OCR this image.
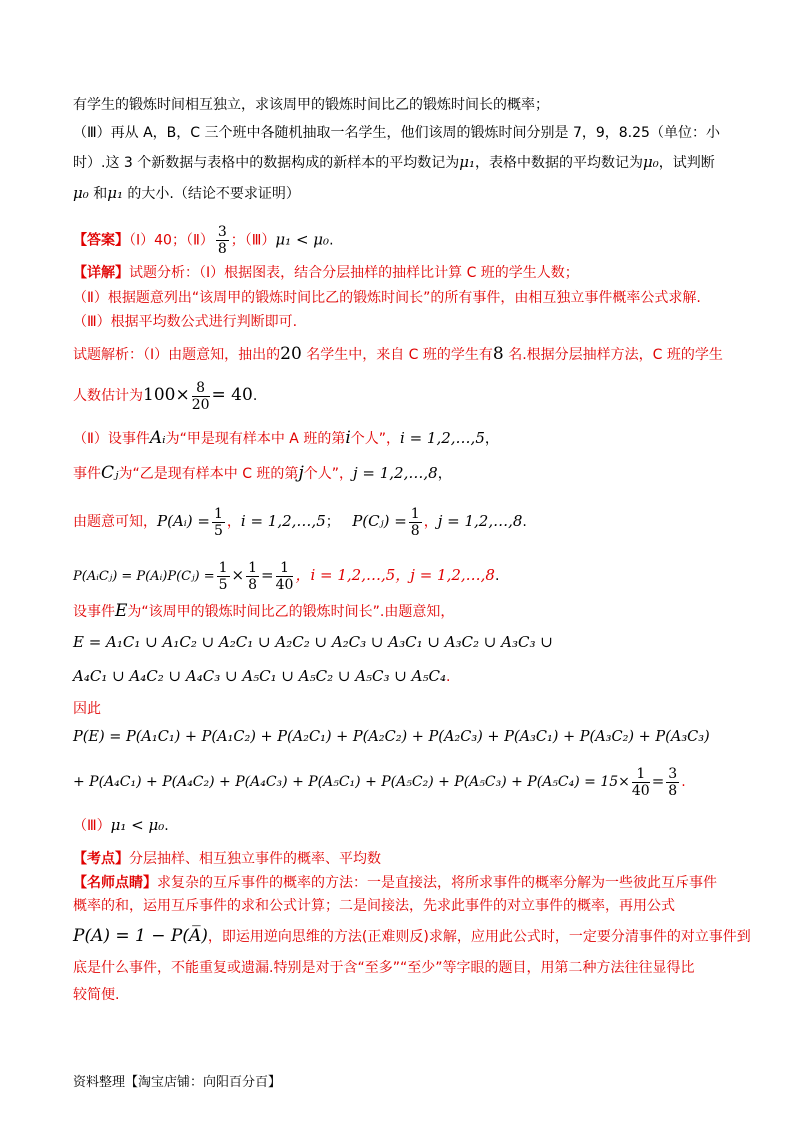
有学生的锻炼时间相互独立，求该周甲的锻炼时间比乙的锻炼时间长的概率；
（Ⅲ）再从 A，B，C 三个班中各随机抽取一名学生，他们该周的锻炼时间分别是 7，9，8.25（单位：小
时）.这 3 个新数据与表格中的数据构成的新样本的平均数记为μ₁，表格中数据的平均数记为μ₀，试判断
μ₀ 和μ₁ 的大小.（结论不要求证明）
【答案】（Ⅰ）40；（Ⅱ） $\frac{3}{8}$ ；（Ⅲ）μ₁ < μ₀.
【详解】试题分析：（Ⅰ）根据图表，结合分层抽样的抽样比计算 C 班的学生人数；
（Ⅱ）根据题意列出“该周甲的锻炼时间比乙的锻炼时间长”的所有事件，由相互独立事件概率公式求解.
（Ⅲ）根据平均数公式进行判断即可.
试题解析：（Ⅰ）由题意知，抽出的20 名学生中，来自 C 班的学生有8 名.根据分层抽样方法，C 班的学生
人数估计为$100\times \frac{8}{20} = 40$.
（Ⅱ）设事件Aᵢ为“甲是现有样本中 A 班的第i个人”，i = 1,2,…,5，
事件Cⱼ为“乙是现有样本中 C 班的第j个人”，j = 1,2,…,8，
由题意可知，P(Aᵢ) = $\frac{1}{5}$ ，i = 1,2,…,5； P(Cⱼ) = $\frac{1}{8}$ ，j = 1,2,…,8.
P(AᵢCⱼ) = P(Aᵢ)P(Cⱼ) = $\frac{1}{5} \times \frac{1}{8} = \frac{1}{40}$ ，i = 1,2,…,5，j = 1,2,…,8.
设事件E为“该周甲的锻炼时间比乙的锻炼时间长”.由题意知，
E = A₁C₁ ∪ A₁C₂ ∪ A₂C₁ ∪ A₂C₂ ∪ A₂C₃ ∪ A₃C₁ ∪ A₃C₂ ∪ A₃C₃ ∪
A₄C₁ ∪ A₄C₂ ∪ A₄C₃ ∪ A₅C₁ ∪ A₅C₂ ∪ A₅C₃ ∪ A₅C₄.
因此
P(E) = P(A₁C₁) + P(A₁C₂) + P(A₂C₁) + P(A₂C₂) + P(A₂C₃) + P(A₃C₁) + P(A₃C₂) + P(A₃C₃)
+ $P(A_4C_1) + P(A_4C_2) + P(A_4C_3) + P(A_5C_1) + P(A_5C_2) + P(A_5C_3) + P(A_5C_4) = 15\times \frac{1}{40} = \frac{3}{8}$ .
（Ⅲ）μ₁ < μ₀.
【考点】分层抽样、相互独立事件的概率、平均数
【名师点睛】求复杂的互斥事件的概率的方法：一是直接法，将所求事件的概率分解为一些彼此互斥事件
概率的和，运用互斥事件的求和公式计算；二是间接法，先求此事件的对立事件的概率，再用公式
P(A) = 1 − P(A̅)，即运用逆向思维的方法(正难则反)求解，应用此公式时，一定要分清事件的对立事件到
底是什么事件，不能重复或遗漏.特别是对于含“至多”“至少”等字眼的题目，用第二种方法往往显得比
较简便.
资料整理【淘宝店铺：向阳百分百】
